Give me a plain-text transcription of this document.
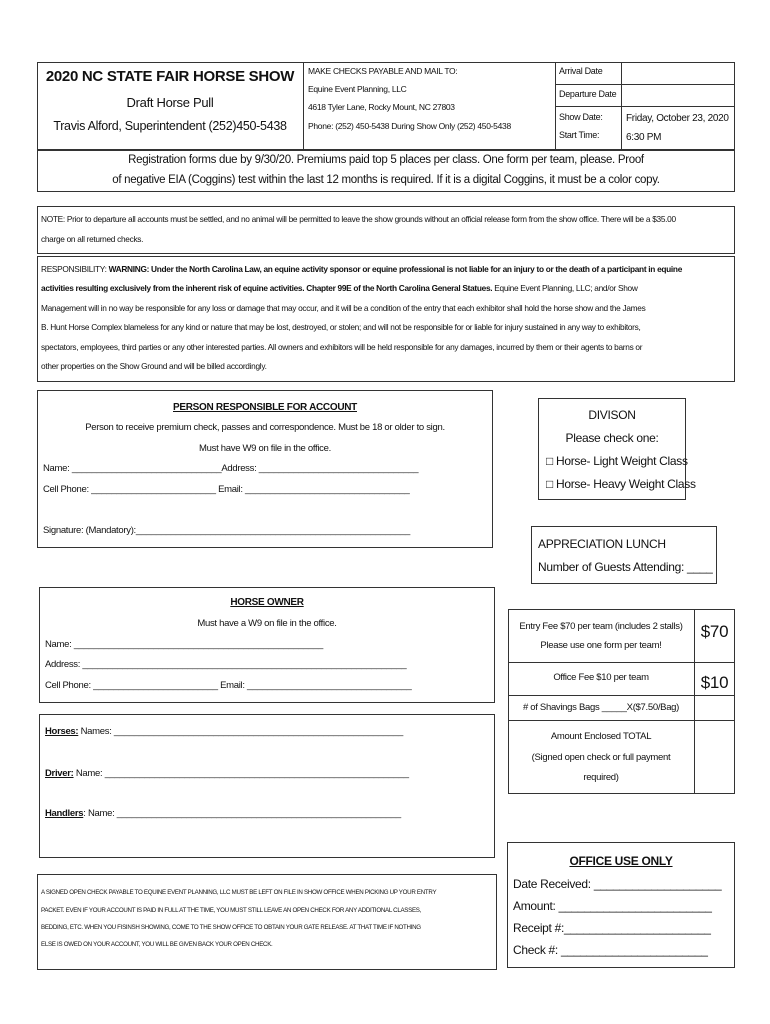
2020 NC STATE FAIR HORSE SHOW
Draft Horse Pull
Travis Alford, Superintendent (252)450-5438
MAKE CHECKS PAYABLE AND MAIL TO:
Equine Event Planning, LLC
4618 Tyler Lane, Rocky Mount, NC 27803
Phone: (252) 450-5438 During Show Only (252) 450-5438
Arrival Date
Departure Date
Show Date:
Start Time:
Friday, October 23, 2020
6:30 PM
Registration forms due by 9/30/20. Premiums paid top 5 places per class. One form per team, please. Proof
of negative EIA (Coggins) test within the last 12 months is required. If it is a digital Coggins, it must be a color copy.
NOTE: Prior to departure all accounts must be settled, and no animal will be permitted to leave the show grounds without an official release form from the show office. There will be a $35.00
charge on all returned checks.
RESPONSIBILITY: WARNING: Under the North Carolina Law, an equine activity sponsor or equine professional is not liable for an injury to or the death of a participant in equine
activities resulting exclusively from the inherent risk of equine activities. Chapter 99E of the North Carolina General Statues. Equine Event Planning, LLC; and/or Show
Management will in no way be responsible for any loss or damage that may occur, and it will be a condition of the entry that each exhibitor shall hold the horse show and the James
B. Hunt Horse Complex blameless for any kind or nature that may be lost, destroyed, or stolen; and will not be responsible for or liable for injury sustained in any way to exhibitors,
spectators, employees, third parties or any other interested parties. All owners and exhibitors will be held responsible for any damages, incurred by them or their agents to barns or
other properties on the Show Ground and will be billed accordingly.
PERSON RESPONSIBLE FOR ACCOUNT
Person to receive premium check, passes and correspondence. Must be 18 or older to sign.
Must have W9 on file in the office.
Name: ______________________________Address: ________________________________
Cell Phone: _________________________ Email: _________________________________
Signature: (Mandatory):_______________________________________________________
DIVISON
Please check one:
□ Horse- Light Weight Class
□ Horse- Heavy Weight Class
APPRECIATION LUNCH
Number of Guests Attending: ____
HORSE OWNER
Must have a W9 on file in the office.
Name: __________________________________________________
Address: _________________________________________________________________
Cell Phone: _________________________ Email: _________________________________
Entry Fee $70 per team (includes 2 stalls)
Please use one form per team!
$70
Office Fee $10 per team	$10
# of Shavings Bags _____X($7.50/Bag)
Amount Enclosed TOTAL
(Signed open check or full payment
required)
Horses: Names: __________________________________________________________
Driver: Name: _____________________________________________________________
Handlers: Name: _________________________________________________________
A SIGNED OPEN CHECK PAYABLE TO EQUINE EVENT PLANNING, LLC MUST BE LEFT ON FILE IN SHOW OFFICE WHEN PICKING UP YOUR ENTRY
PACKET. EVEN IF YOUR ACCOUNT IS PAID IN FULL AT THE TIME, YOU MUST STILL LEAVE AN OPEN CHECK FOR ANY ADDITIONAL CLASSES,
BEDDING, ETC. WHEN YOU FISINSH SHOWING, COME TO THE SHOW OFFICE TO OBTAIN YOUR GATE RELEASE. AT THAT TIME IF NOTHING
ELSE IS OWED ON YOUR ACCOUNT, YOU WILL BE GIVEN BACK YOUR OPEN CHECK.
OFFICE USE ONLY
Date Received: ____________________
Amount: ________________________
Receipt #:_______________________
Check #: _______________________
